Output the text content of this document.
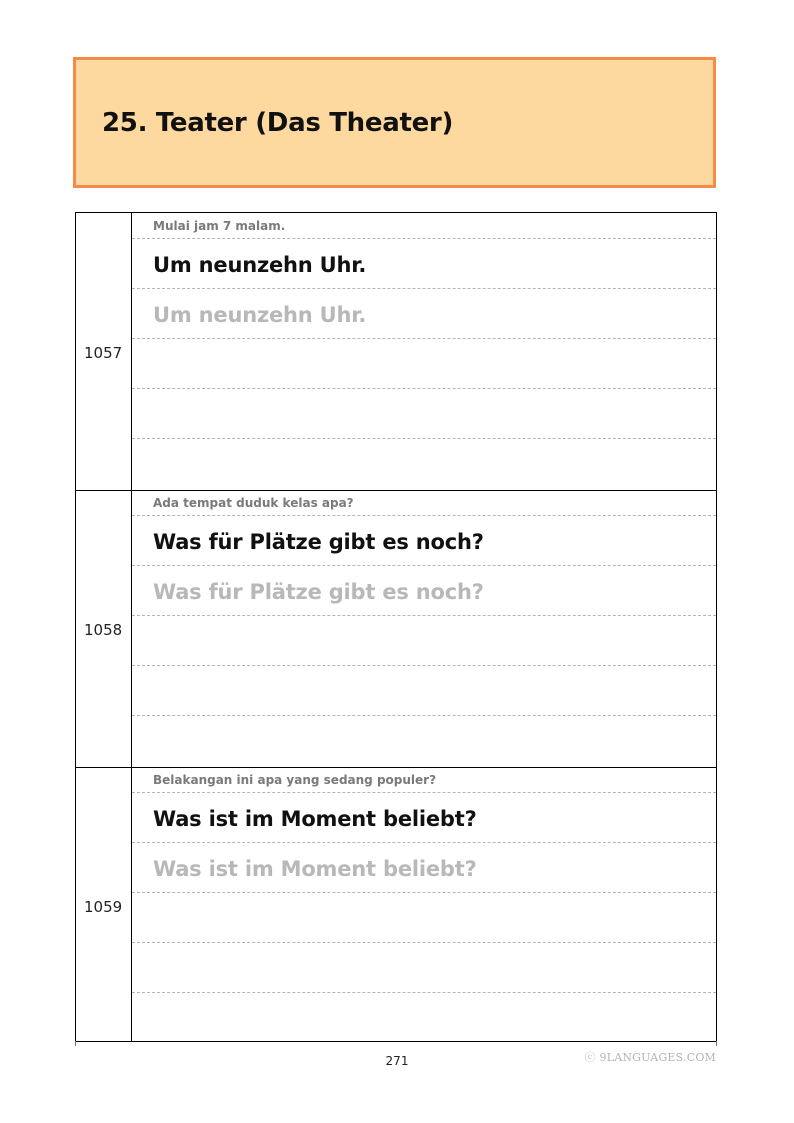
25. Teater (Das Theater)
1057
Mulai jam 7 malam.
Um neunzehn Uhr.
Um neunzehn Uhr.
1058
Ada tempat duduk kelas apa?
Was für Plätze gibt es noch?
Was für Plätze gibt es noch?
1059
Belakangan ini apa yang sedang populer?
Was ist im Moment beliebt?
Was ist im Moment beliebt?
271	ⓒ 9LANGUAGES.COM
